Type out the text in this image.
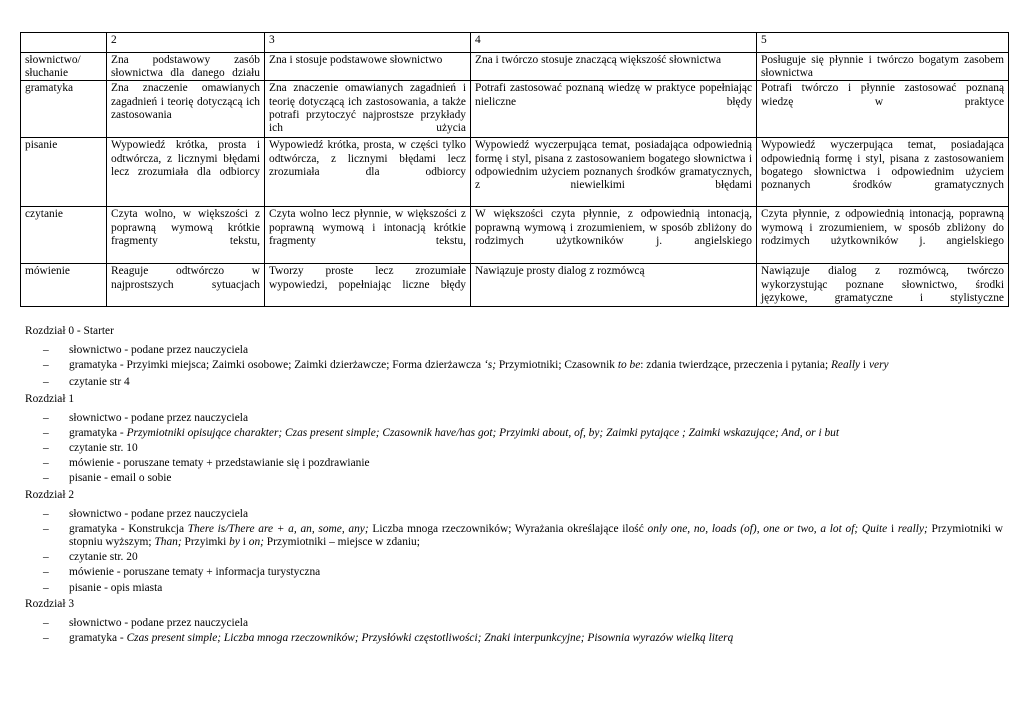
	2	3	4	5
słownictwo/ słuchanie	Zna podstawowy zasób słownictwa dla danego działu	Zna i stosuje podstawowe słownictwo	Zna i twórczo stosuje znaczącą większość słownictwa	Posługuje się płynnie i twórczo bogatym zasobem słownictwa
gramatyka	Zna znaczenie omawianych zagadnień i teorię dotyczącą ich zastosowania	Zna znaczenie omawianych zagadnień i teorię dotyczącą ich zastosowania, a także potrafi przytoczyć najprostsze przykłady ich użycia	Potrafi zastosować poznaną wiedzę w praktyce popełniając nieliczne błędy	Potrafi twórczo i płynnie zastosować poznaną wiedzę w praktyce
pisanie	Wypowiedź krótka, prosta i odtwórcza, z licznymi błędami lecz zrozumiała dla odbiorcy	Wypowiedź krótka, prosta, w części tylko odtwórcza, z licznymi błędami lecz zrozumiała dla odbiorcy	Wypowiedź wyczerpująca temat, posiadająca odpowiednią formę i styl, pisana z zastosowaniem bogatego słownictwa i odpowiednim użyciem poznanych środków gramatycznych, z niewielkimi błędami	Wypowiedź wyczerpująca temat, posiadająca odpowiednią formę i styl, pisana z zastosowaniem bogatego słownictwa i odpowiednim użyciem poznanych środków gramatycznych
czytanie	Czyta wolno, w większości z poprawną wymową krótkie fragmenty tekstu,	Czyta wolno lecz płynnie, w większości z poprawną wymową i intonacją krótkie fragmenty tekstu,	W większości czyta płynnie, z odpowiednią intonacją, poprawną wymową i zrozumieniem, w sposób zbliżony do rodzimych użytkowników j. angielskiego	Czyta płynnie, z odpowiednią intonacją, poprawną wymową i zrozumieniem, w sposób zbliżony do rodzimych użytkowników j. angielskiego
mówienie	Reaguje odtwórczo w najprostszych sytuacjach	Tworzy proste lecz zrozumiałe wypowiedzi, popełniając liczne błędy	Nawiązuje prosty dialog z rozmówcą	Nawiązuje dialog z rozmówcą, twórczo wykorzystując poznane słownictwo, środki językowe, gramatyczne i stylistyczne
Rozdział 0 - Starter
– słownictwo - podane przez nauczyciela
– gramatyka - Przyimki miejsca; Zaimki osobowe; Zaimki dzierżawcze; Forma dzierżawcza ‘s; Przymiotniki; Czasownik to be: zdania twierdzące, przeczenia i pytania; Really i very
– czytanie str 4
Rozdział 1
– słownictwo - podane przez nauczyciela
– gramatyka - Przymiotniki opisujące charakter; Czas present simple; Czasownik have/has got; Przyimki about, of, by; Zaimki pytające ; Zaimki wskazujące; And, or i but
– czytanie str. 10
– mówienie - poruszane tematy + przedstawianie się i pozdrawianie
– pisanie - email o sobie
Rozdział 2
– słownictwo - podane przez nauczyciela
– gramatyka - Konstrukcja There is/There are + a, an, some, any; Liczba mnoga rzeczowników; Wyrażania określające ilość only one, no, loads (of), one or two, a lot of; Quite i really; Przymiotniki w stopniu wyższym; Than; Przyimki by i on; Przymiotniki – miejsce w zdaniu;
– czytanie str. 20
– mówienie - poruszane tematy + informacja turystyczna
– pisanie - opis miasta
Rozdział 3
– słownictwo - podane przez nauczyciela
– gramatyka - Czas present simple; Liczba mnoga rzeczowników; Przysłówki częstotliwości; Znaki interpunkcyjne; Pisownia wyrazów wielką literą
